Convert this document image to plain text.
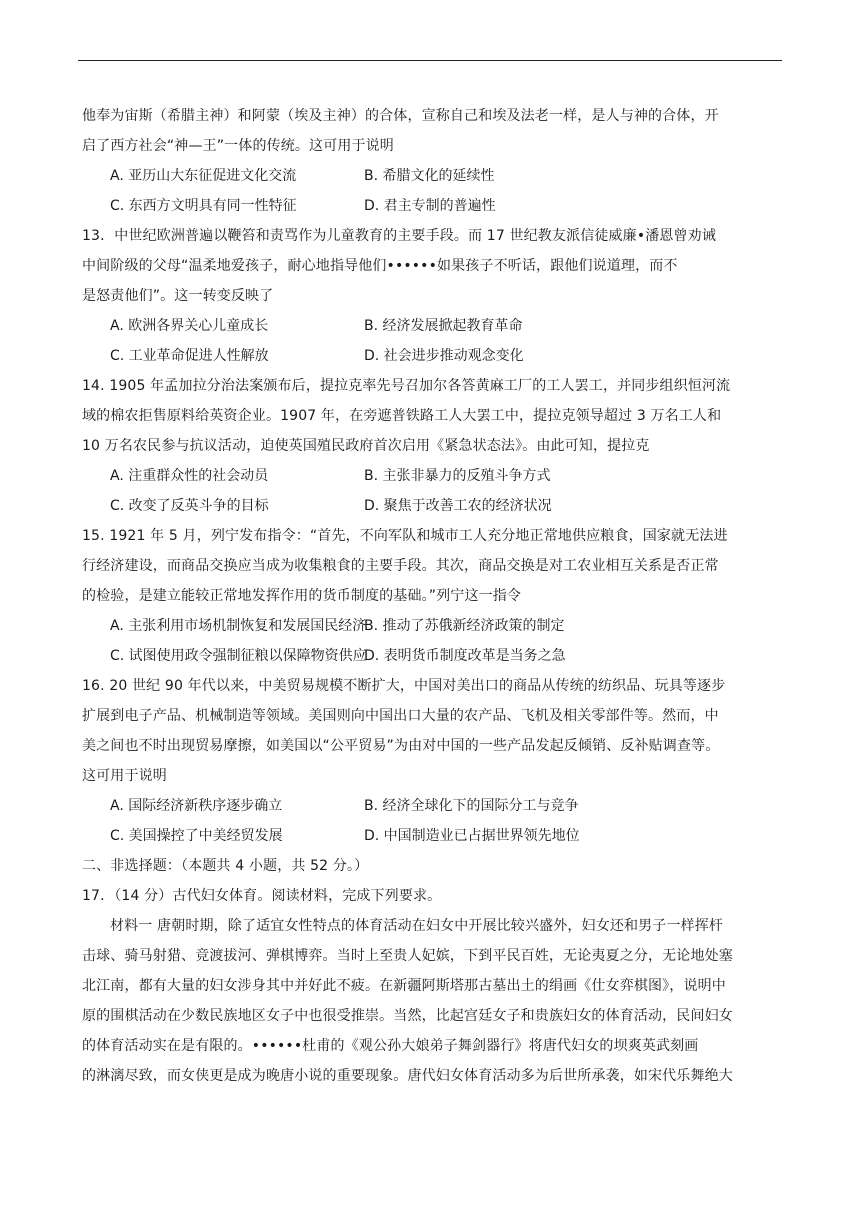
他奉为宙斯（希腊主神）和阿蒙（埃及主神）的合体，宣称自己和埃及法老一样，是人与神的合体，开
启了西方社会“神—王”一体的传统。这可用于说明
A. 亚历山大东征促进文化交流	B. 希腊文化的延续性
C. 东西方文明具有同一性特征	D. 君主专制的普遍性
13．中世纪欧洲普遍以鞭笞和责骂作为儿童教育的主要手段。而 17 世纪教友派信徒威廉•潘恩曾劝诫
中间阶级的父母“温柔地爱孩子，耐心地指导他们••••••如果孩子不听话，跟他们说道理，而不
是怒责他们”。这一转变反映了
A. 欧洲各界关心儿童成长	B. 经济发展掀起教育革命
C. 工业革命促进人性解放	D. 社会进步推动观念变化
14. 1905 年孟加拉分治法案颁布后，提拉克率先号召加尔各答黄麻工厂的工人罢工，并同步组织恒河流
域的棉农拒售原料给英资企业。1907 年，在旁遮普铁路工人大罢工中，提拉克领导超过 3 万名工人和
10 万名农民参与抗议活动，迫使英国殖民政府首次启用《紧急状态法》。由此可知，提拉克
A. 注重群众性的社会动员	B. 主张非暴力的反殖斗争方式
C. 改变了反英斗争的目标	D. 聚焦于改善工农的经济状况
15. 1921 年 5 月，列宁发布指令：“首先，不向军队和城市工人充分地正常地供应粮食，国家就无法进
行经济建设，而商品交换应当成为收集粮食的主要手段。其次，商品交换是对工农业相互关系是否正常
的检验，是建立能较正常地发挥作用的货币制度的基础。”列宁这一指令
A. 主张利用市场机制恢复和发展国民经济
B. 推动了苏俄新经济政策的制定
C. 试图使用政令强制征粮以保障物资供应
D. 表明货币制度改革是当务之急
16. 20 世纪 90 年代以来，中美贸易规模不断扩大，中国对美出口的商品从传统的纺织品、玩具等逐步
扩展到电子产品、机械制造等领域。美国则向中国出口大量的农产品、飞机及相关零部件等。然而，中
美之间也不时出现贸易摩擦，如美国以“公平贸易”为由对中国的一些产品发起反倾销、反补贴调查等。
这可用于说明
A. 国际经济新秩序逐步确立	B. 经济全球化下的国际分工与竞争
C. 美国操控了中美经贸发展	D. 中国制造业已占据世界领先地位
二、非选择题：（本题共 4 小题，共 52 分。）
17．（14 分）古代妇女体育。阅读材料，完成下列要求。
材料一 唐朝时期，除了适宜女性特点的体育活动在妇女中开展比较兴盛外，妇女还和男子一样挥杆
击球、骑马射猎、竞渡拔河、弹棋博弈。当时上至贵人妃嫔，下到平民百姓，无论夷夏之分，无论地处塞
北江南，都有大量的妇女涉身其中并好此不疲。在新疆阿斯塔那古墓出土的绢画《仕女弈棋图》，说明中
原的围棋活动在少数民族地区女子中也很受推崇。当然，比起宫廷女子和贵族妇女的体育活动，民间妇女
的体育活动实在是有限的。••••••杜甫的《观公孙大娘弟子舞剑器行》将唐代妇女的坝爽英武刻画
的淋漓尽致，而女侠更是成为晚唐小说的重要现象。唐代妇女体育活动多为后世所承袭，如宋代乐舞绝大
